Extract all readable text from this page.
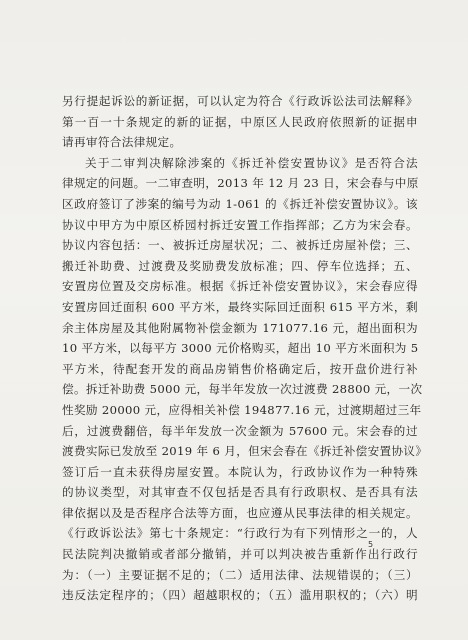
另行提起诉讼的新证据，可以认定为符合《行政诉讼法司法解释》
第一百一十条规定的新的证据，中原区人民政府依照新的证据申
请再审符合法律规定。
关于二审判决解除涉案的《拆迁补偿安置协议》是否符合法
律规定的问题。一二审查明，2013 年 12 月 23 日，宋会春与中原
区政府签订了涉案的编号为动 1-061 的《拆迁补偿安置协议》。该
协议中甲方为中原区桥园村拆迁安置工作指挥部；乙方为宋会春。
协议内容包括：一、被拆迁房屋状况；二、被拆迁房屋补偿；三、
搬迁补助费、过渡费及奖励费发放标准；四、停车位选择；五、
安置房位置及交房标准。根据《拆迁补偿安置协议》，宋会春应得
安置房回迁面积 600 平方米，最终实际回迁面积 615 平方米，剩
余主体房屋及其他附属物补偿金额为 171077.16 元，超出面积为
10 平方米，以每平方 3000 元价格购买，超出 10 平方米面积为 5
平方米，待配套开发的商品房销售价格确定后，按开盘价进行补
偿。拆迁补助费 5000 元，每半年发放一次过渡费 28800 元，一次
性奖励 20000 元，应得相关补偿 194877.16 元，过渡期超过三年
后，过渡费翻倍，每半年发放一次金额为 57600 元。宋会春的过
渡费实际已发放至 2019 年 6 月，但宋会春在《拆迁补偿安置协议》
签订后一直未获得房屋安置。本院认为，行政协议作为一种特殊
的协议类型，对其审查不仅包括是否具有行政职权、是否具有法
律依据以及是否程序合法等方面，也应遵从民事法律的相关规定。
《行政诉讼法》第七十条规定：“行政行为有下列情形之一的，人
民法院判决撤销或者部分撤销，并可以判决被告重新作出行政行
为：（一）主要证据不足的；（二）适用法律、法规错误的；（三）
违反法定程序的；（四）超越职权的；（五）滥用职权的；（六）明
5
